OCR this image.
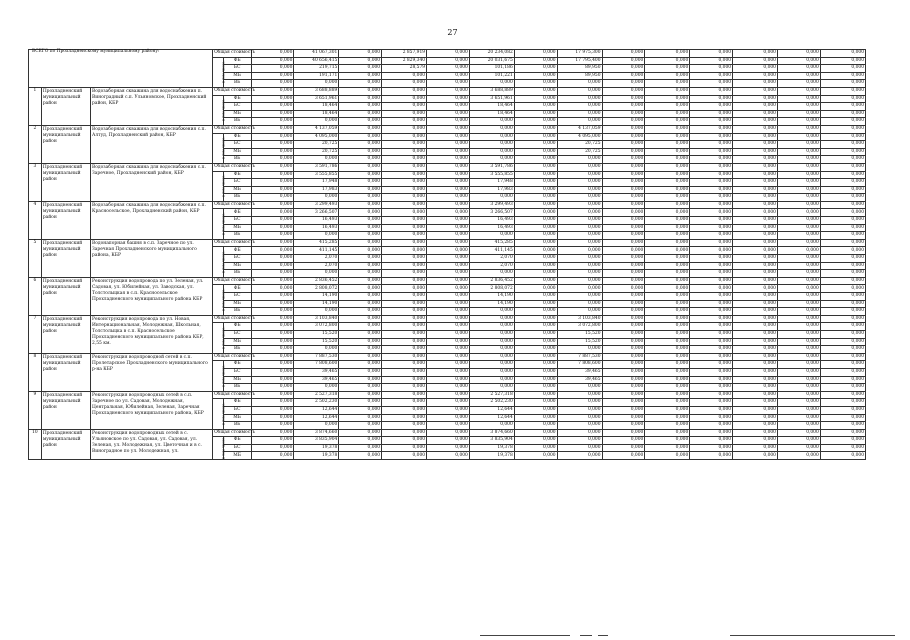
27
ВСЕГО по Прохладненскому муниципальному району:			Общая стоимость		0,000	41 067,301	0,000	2 857,919	0,000	20 234,082	0,000	17 975,300	0,000	0,000	0,000	0,000	0,000	0,000
			в том числе:	ФБ	0,000	40 656,415	0,000	2 829,340	0,000	20 031,675	0,000	17 795,400	0,000	0,000	0,000	0,000	0,000	0,000
				БС	0,000	219,715	0,000	28,579	0,000	101,186	0,000	89,950	0,000	0,000	0,000	0,000	0,000	0,000
				МБ	0,000	191,171	0,000	0,000	0,000	101,221	0,000	89,950	0,000	0,000	0,000	0,000	0,000	0,000
				ВБ	0,000	0,000	0,000	0,000	0,000	0,000	0,000	0,000	0,000	0,000	0,000	0,000	0,000	0,000
1	Прохладненский муниципальный район	Водозаборная скважина для водоснабжения п. Виноградный с.п. Ульяновское, Прохладненский район, КБР	Общая стоимость		0,000	3 688,889	0,000	0,000	0,000	3 688,889	0,000	0,000	0,000	0,000	0,000	0,000	0,000	0,000
			в том числе:	ФБ	0,000	3 651,961	0,000	0,000	0,000	3 651,961	0,000	0,000	0,000	0,000	0,000	0,000	0,000	0,000
				БС	0,000	18,464	0,000	0,000	0,000	18,464	0,000	0,000	0,000	0,000	0,000	0,000	0,000	0,000
				МБ	0,000	18,464	0,000	0,000	0,000	18,464	0,000	0,000	0,000	0,000	0,000	0,000	0,000	0,000
				ВБ	0,000	0,000	0,000	0,000	0,000	0,000	0,000	0,000	0,000	0,000	0,000	0,000	0,000	0,000
2	Прохладненский муниципальный район	Водозаборная скважина для водоснабжения с.п. Алтуд, Прохладненский район, КБР	Общая стоимость		0,000	4 137,059	0,000	0,000	0,000	0,000	0,000	4 137,059	0,000	0,000	0,000	0,000	0,000	0,000
			в том числе:	ФБ	0,000	4 095,000	0,000	0,000	0,000	0,000	0,000	4 095,000	0,000	0,000	0,000	0,000	0,000	0,000
				БС	0,000	20,725	0,000	0,000	0,000	0,000	0,000	20,725	0,000	0,000	0,000	0,000	0,000	0,000
				МБ	0,000	20,725	0,000	0,000	0,000	0,000	0,000	20,725	0,000	0,000	0,000	0,000	0,000	0,000
				ВБ	0,000	0,000	0,000	0,000	0,000	0,000	0,000	0,000	0,000	0,000	0,000	0,000	0,000	0,000
3	Прохладненский муниципальный район	Водозаборная скважина для водоснабжения с.п. Заречное, Прохладненский район, КБР	Общая стоимость		0,000	3 591,786	0,000	0,000	0,000	3 591,786	0,000	0,000	0,000	0,000	0,000	0,000	0,000	0,000
			в том числе:	ФБ	0,000	3 555,855	0,000	0,000	0,000	3 555,855	0,000	0,000	0,000	0,000	0,000	0,000	0,000	0,000
				БС	0,000	17,948	0,000	0,000	0,000	17,948	0,000	0,000	0,000	0,000	0,000	0,000	0,000	0,000
				МБ	0,000	17,983	0,000	0,000	0,000	17,983	0,000	0,000	0,000	0,000	0,000	0,000	0,000	0,000
				ВБ	0,000	0,000	0,000	0,000	0,000	0,000	0,000	0,000	0,000	0,000	0,000	0,000	0,000	0,000
4	Прохладненский муниципальный район	Водозаборная скважина для водоснабжения с.п. Красносельское, Прохладненский район, КБР	Общая стоимость		0,000	3 299,493	0,000	0,000	0,000	3 299,493	0,000	0,000	0,000	0,000	0,000	0,000	0,000	0,000
			в том числе:	ФБ	0,000	3 266,507	0,000	0,000	0,000	3 266,507	0,000	0,000	0,000	0,000	0,000	0,000	0,000	0,000
				БС	0,000	16,493	0,000	0,000	0,000	16,493	0,000	0,000	0,000	0,000	0,000	0,000	0,000	0,000
				МБ	0,000	16,493	0,000	0,000	0,000	16,493	0,000	0,000	0,000	0,000	0,000	0,000	0,000	0,000
				ВБ	0,000	0,000	0,000	0,000	0,000	0,000	0,000	0,000	0,000	0,000	0,000	0,000	0,000	0,000
5	Прохладненский муниципальный район	Водонапорная башня в с.п. Заречное по ул. Заречная Прохладненского муниципального района, КБР	Общая стоимость		0,000	415,285	0,000	0,000	0,000	415,285	0,000	0,000	0,000	0,000	0,000	0,000	0,000	0,000
			в том числе:	ФБ	0,000	411,145	0,000	0,000	0,000	411,145	0,000	0,000	0,000	0,000	0,000	0,000	0,000	0,000
				БС	0,000	2,070	0,000	0,000	0,000	2,070	0,000	0,000	0,000	0,000	0,000	0,000	0,000	0,000
				МБ	0,000	2,070	0,000	0,000	0,000	2,070	0,000	0,000	0,000	0,000	0,000	0,000	0,000	0,000
				ВБ	0,000	0,000	0,000	0,000	0,000	0,000	0,000	0,000	0,000	0,000	0,000	0,000	0,000	0,000
6	Прохладненский муниципальный район	Реконструкция водопровода по ул. Зеленая, ул. Садовая, ул. Юбилейная, ул. Заводская, ул. Толстолыцкая в с.п. Красносельское Прохладненского муниципального района КБР	Общая стоимость		0,000	2 836,452	0,000	0,000	0,000	2 836,452	0,000	0,000	0,000	0,000	0,000	0,000	0,000	0,000
			в том числе:	ФБ	0,000	2 808,072	0,000	0,000	0,000	2 808,072	0,000	0,000	0,000	0,000	0,000	0,000	0,000	0,000
				БС	0,000	14,190	0,000	0,000	0,000	14,190	0,000	0,000	0,000	0,000	0,000	0,000	0,000	0,000
				МБ	0,000	14,190	0,000	0,000	0,000	14,190	0,000	0,000	0,000	0,000	0,000	0,000	0,000	0,000
				ВБ	0,000	0,000	0,000	0,000	0,000	0,000	0,000	0,000	0,000	0,000	0,000	0,000	0,000	0,000
7	Прохладненский муниципальный район	Реконструкция водопровода по ул. Новая, Интернациональная, Молодежная, Школьная, Толстолыцка в с.п. Красносельское Прохладненского муниципального района КБР, 2,55 км.	Общая стоимость		0,000	3 103,840	0,000	0,000	0,000	0,000	0,000	3 103,840	0,000	0,000	0,000	0,000	0,000	0,000
			в том числе:	ФБ	0,000	3 072,800	0,000	0,000	0,000	0,000	0,000	3 072,800	0,000	0,000	0,000	0,000	0,000	0,000
				БС	0,000	15,520	0,000	0,000	0,000	0,000	0,000	15,520	0,000	0,000	0,000	0,000	0,000	0,000
				МБ	0,000	15,520	0,000	0,000	0,000	0,000	0,000	15,520	0,000	0,000	0,000	0,000	0,000	0,000
				ВБ	0,000	0,000	0,000	0,000	0,000	0,000	0,000	0,000	0,000	0,000	0,000	0,000	0,000	0,000
8	Прохладненский муниципальный район	Реконструкция водопроводной сетей в с.п. Пролетарское Прохладненского муниципального р-на КБР	Общая стоимость		0,000	7 887,530	0,000	0,000	0,000	0,000	0,000	7 887,530	0,000	0,000	0,000	0,000	0,000	0,000
			в том числе:	ФБ	0,000	7 808,600	0,000	0,000	0,000	0,000	0,000	7 808,600	0,000	0,000	0,000	0,000	0,000	0,000
				БС	0,000	39,465	0,000	0,000	0,000	0,000	0,000	39,465	0,000	0,000	0,000	0,000	0,000	0,000
				МБ	0,000	39,465	0,000	0,000	0,000	0,000	0,000	39,465	0,000	0,000	0,000	0,000	0,000	0,000
				ВБ	0,000	0,000	0,000	0,000	0,000	0,000	0,000	0,000	0,000	0,000	0,000	0,000	0,000	0,000
9	Прохладненский муниципальный район	Реконструкция водопроводных сетей в с.п. Заречное по ул. Садовая, Молодежная, Центральная, Юбилейная, Зеленая, Заречная Прохладненского муниципального района, КБР	Общая стоимость		0,000	2 527,318	0,000	0,000	0,000	2 527,318	0,000	0,000	0,000	0,000	0,000	0,000	0,000	0,000
			в том числе:	ФБ	0,000	2 502,230	0,000	0,000	0,000	2 502,230	0,000	0,000	0,000	0,000	0,000	0,000	0,000	0,000
				БС	0,000	12,644	0,000	0,000	0,000	12,644	0,000	0,000	0,000	0,000	0,000	0,000	0,000	0,000
				МБ	0,000	12,644	0,000	0,000	0,000	12,644	0,000	0,000	0,000	0,000	0,000	0,000	0,000	0,000
				ВБ	0,000	0,000	0,000	0,000	0,000	0,000	0,000	0,000	0,000	0,000	0,000	0,000	0,000	0,000
10	Прохладненский муниципальный район	Реконструкция водопроводных сетей в с. Ульяновское по ул. Садовая, ул. Садовая, ул. Зеленая, ул. Молодежная, ул. Цветочная и в с. Виноградное по ул. Молодежная, ул.	Общая стоимость		0,000	3 874,660	0,000	0,000	0,000	3 874,660	0,000	0,000	0,000	0,000	0,000	0,000	0,000	0,000
			в том числе:	ФБ	0,000	3 835,904	0,000	0,000	0,000	3 835,904	0,000	0,000	0,000	0,000	0,000	0,000	0,000	0,000
				БС	0,000	19,378	0,000	0,000	0,000	19,378	0,000	0,000	0,000	0,000	0,000	0,000	0,000	0,000
				МБ	0,000	19,378	0,000	0,000	0,000	19,378	0,000	0,000	0,000	0,000	0,000	0,000	0,000	0,000
